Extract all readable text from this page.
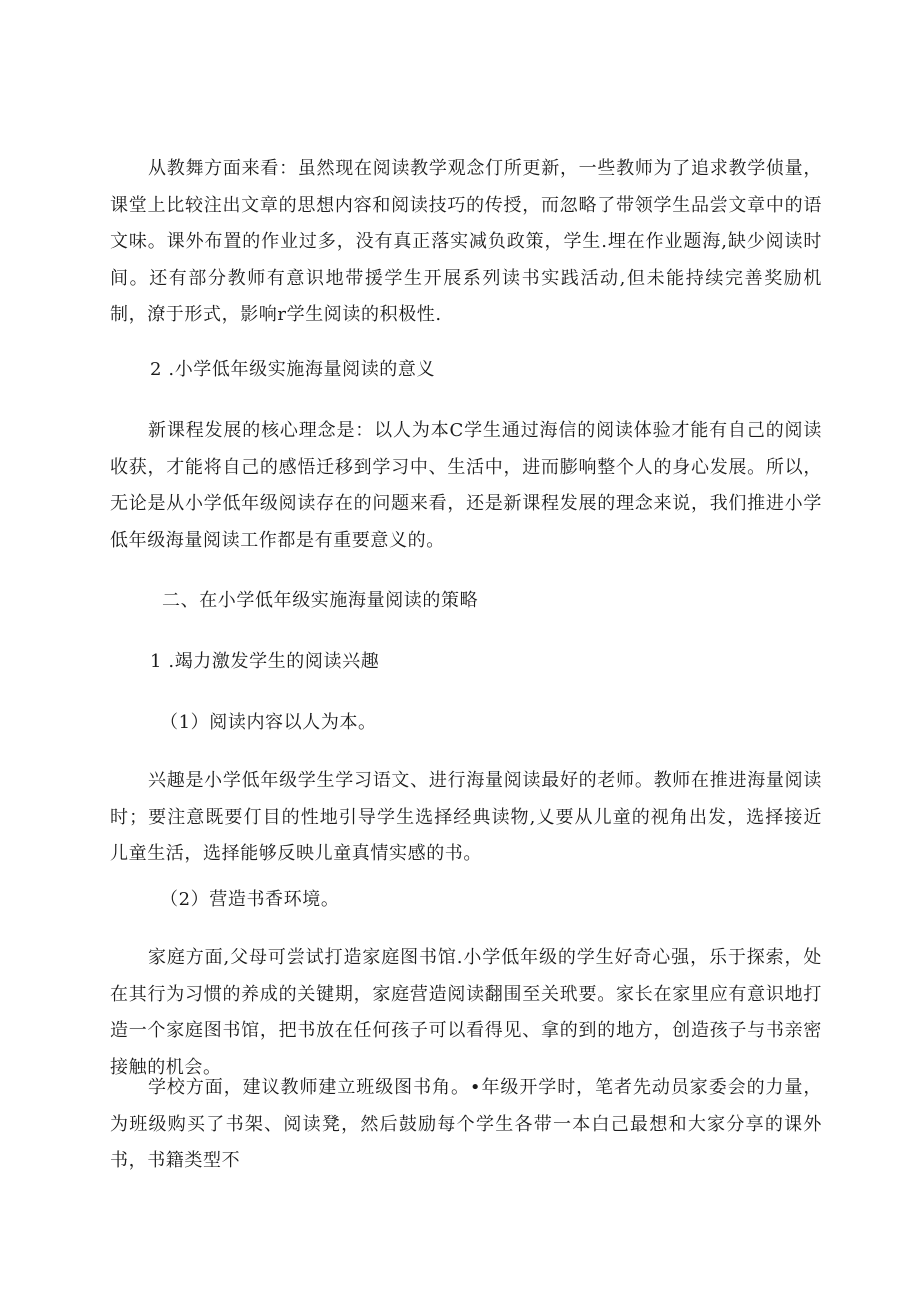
从教舞方面来看：虽然现在阅读教学观念仃所更新，一些教师为了追求教学侦量，课堂上比较注出文章的思想内容和阅读技巧的传授，而忽略了带领学生品尝文章中的语文味。课外布置的作业过多，没有真正落实减负政策，学生.埋在作业题海,缺少阅读时间。还有部分教师有意识地带援学生开展系列读书实践活动,但未能持续完善奖励机制，潦于形式，影响r学生阅读的积极性.

2 .小学低年级实施海量阅读的意义

新课程发展的核心理念是：以人为本C学生通过海信的阅读体验才能有自己的阅读收获，才能将自己的感悟迁移到学习中、生活中，进而膨响整个人的身心发展。所以，无论是从小学低年级阅读存在的问题来看，还是新课程发展的理念来说，我们推进小学低年级海量阅读工作都是有重要意义的。

二、在小学低年级实施海量阅读的策略

1 .竭力激发学生的阅读兴趣

（1）阅读内容以人为本。

兴趣是小学低年级学生学习语文、进行海量阅读最好的老师。教师在推进海量阅读时；要注意既要仃目的性地引导学生选择经典读物,乂要从儿童的视角出发，选择接近儿童生活，选择能够反映儿童真情实感的书。

（2）营造书香环境。

家庭方面,父母可尝试打造家庭图书馆.小学低年级的学生好奇心强，乐于探索，处在其行为习惯的养成的关键期，家庭营造阅读翻围至关玳要。家长在家里应有意识地打造一个家庭图书馆，把书放在任何孩子可以看得见、拿的到的地方，创造孩子与书亲密接触的机会。

学校方面，建议教师建立班级图书角。•年级开学时，笔者先动员家委会的力量，为班级购买了书架、阅读凳，然后鼓励每个学生各带一本白己最想和大家分享的课外书，书籍类型不
